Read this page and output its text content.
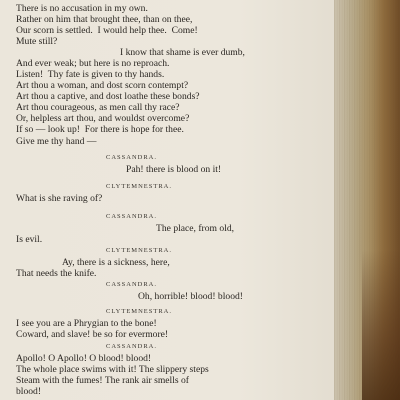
There is no accusation in my own.

Rather on him that brought thee, than on thee,

Our scorn is settled.  I would help thee.  Come!

Mute still?

I know that shame is ever dumb,

And ever weak; but here is no reproach.

Listen!  Thy fate is given to thy hands.

Art thou a woman, and dost scorn contempt?

Art thou a captive, and dost loathe these bonds?

Art thou courageous, as men call thy race?

Or, helpless art thou, and wouldst overcome?

If so — look up!  For there is hope for thee.

Give me thy hand —

CASSANDRA.

Pah! there is blood on it!

CLYTEMNESTRA.

What is she raving of?

CASSANDRA.

The place, from old,

Is evil.

CLYTEMNESTRA.

Ay, there is a sickness, here,

That needs the knife.

CASSANDRA.

Oh, horrible! blood! blood!

CLYTEMNESTRA.

I see you are a Phrygian to the bone!

Coward, and slave! be so for evermore!

CASSANDRA.

Apollo! O Apollo! O blood! blood!

The whole place swims with it! The slippery steps

Steam with the fumes! The rank air smells of

blood!
